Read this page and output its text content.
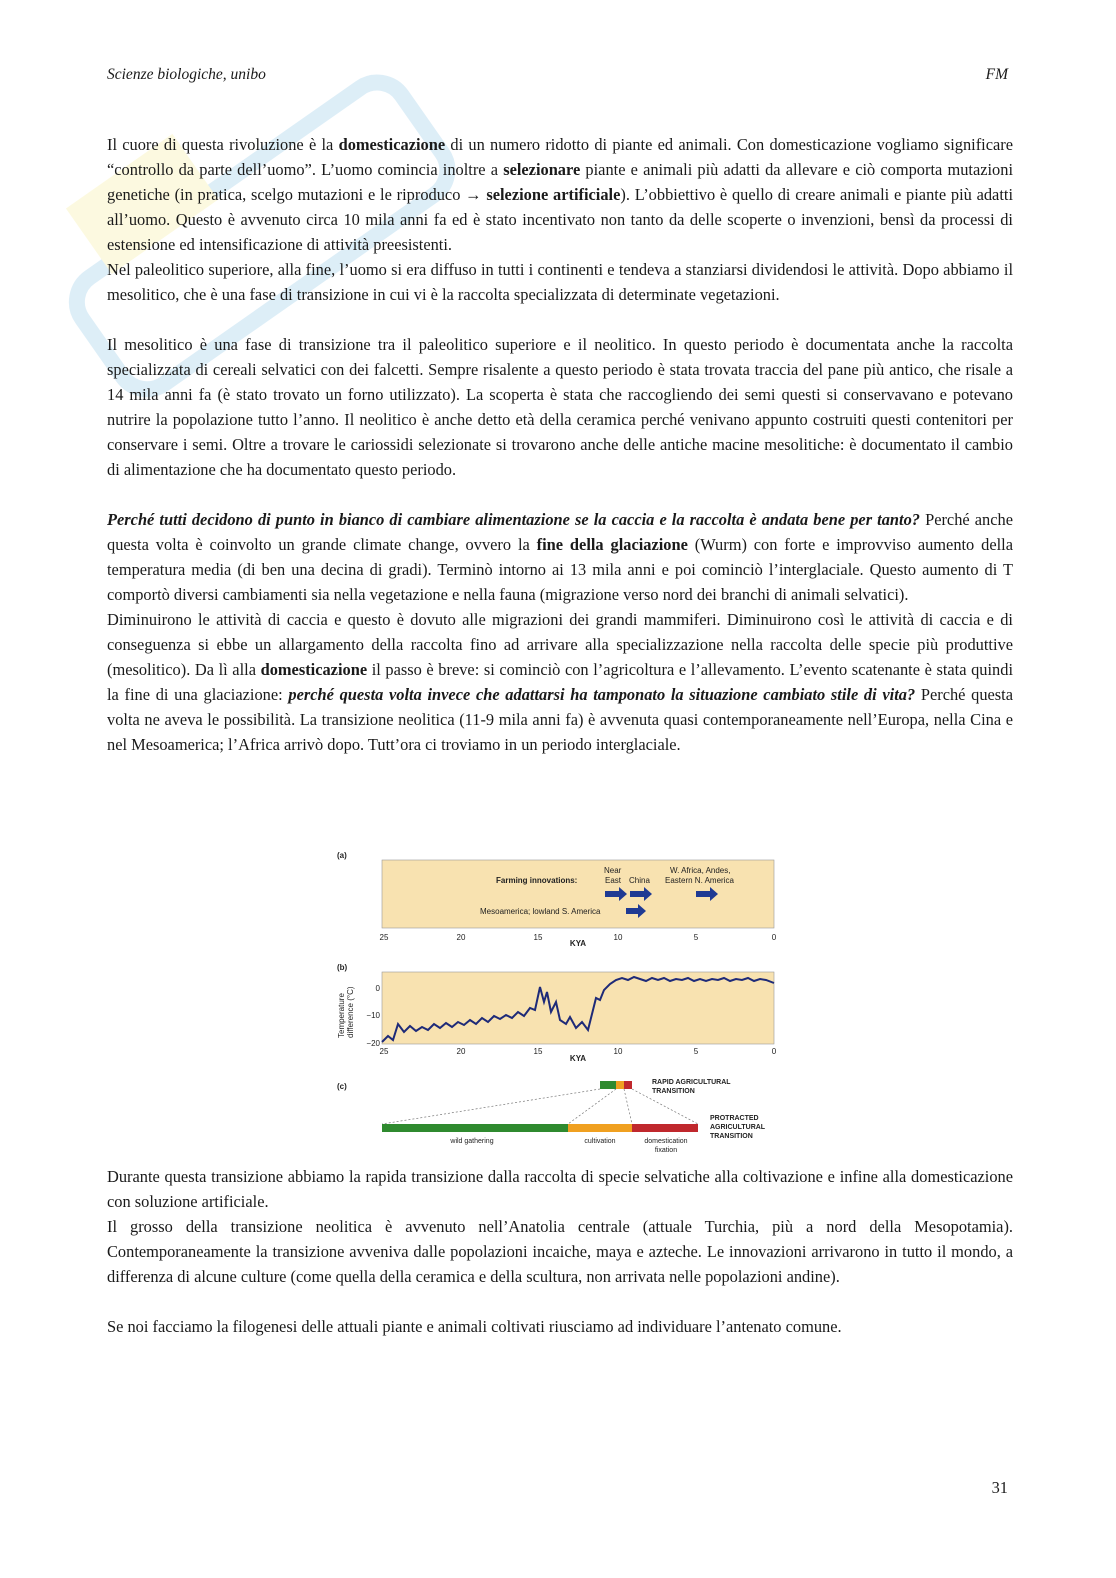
Scienze biologiche, unibo	FM

Il cuore di questa rivoluzione è la domesticazione di un numero ridotto di piante ed animali. Con domesticazione vogliamo significare “controllo da parte dell’uomo”. L’uomo comincia inoltre a selezionare piante e animali più adatti da allevare e ciò comporta mutazioni genetiche (in pratica, scelgo mutazioni e le riproduco → selezione artificiale). L’obbiettivo è quello di creare animali e piante più adatti all’uomo. Questo è avvenuto circa 10 mila anni fa ed è stato incentivato non tanto da delle scoperte o invenzioni, bensì da processi di estensione ed intensificazione di attività preesistenti.

Nel paleolitico superiore, alla fine, l’uomo si era diffuso in tutti i continenti e tendeva a stanziarsi dividendosi le attività. Dopo abbiamo il mesolitico, che è una fase di transizione in cui vi è la raccolta specializzata di determinate vegetazioni.

Il mesolitico è una fase di transizione tra il paleolitico superiore e il neolitico. In questo periodo è documentata anche la raccolta specializzata di cereali selvatici con dei falcetti. Sempre risalente a questo periodo è stata trovata traccia del pane più antico, che risale a 14 mila anni fa (è stato trovato un forno utilizzato). La scoperta è stata che raccogliendo dei semi questi si conservavano e potevano nutrire la popolazione tutto l’anno. Il neolitico è anche detto età della ceramica perché venivano appunto costruiti questi contenitori per conservare i semi. Oltre a trovare le cariossidi selezionate si trovarono anche delle antiche macine mesolitiche: è documentato il cambio di alimentazione che ha documentato questo periodo.

Perché tutti decidono di punto in bianco di cambiare alimentazione se la caccia e la raccolta è andata bene per tanto? Perché anche questa volta è coinvolto un grande climate change, ovvero la fine della glaciazione (Wurm) con forte e improvviso aumento della temperatura media (di ben una decina di gradi). Terminò intorno ai 13 mila anni e poi cominciò l’interglaciale. Questo aumento di T comportò diversi cambiamenti sia nella vegetazione e nella fauna (migrazione verso nord dei branchi di animali selvatici).

Diminuirono le attività di caccia e questo è dovuto alle migrazioni dei grandi mammiferi. Diminuirono così le attività di caccia e di conseguenza si ebbe un allargamento della raccolta fino ad arrivare alla specializzazione nella raccolta delle specie più produttive (mesolitico). Da lì alla domesticazione il passo è breve: si cominciò con l’agricoltura e l’allevamento. L’evento scatenante è stata quindi la fine di una glaciazione: perché questa volta invece che adattarsi ha tamponato la situazione cambiato stile di vita? Perché questa volta ne aveva le possibilità. La transizione neolitica (11-9 mila anni fa) è avvenuta quasi contemporaneamente nell’Europa, nella Cina e nel Mesoamerica; l’Africa arrivò dopo. Tutt’ora ci troviamo in un periodo interglaciale.

(a)
Farming innovations:
Near
East China
W. Africa, Andes,
Eastern N. America
Mesoamerica; lowland S. America
25	20	15	10	5	0
KYA
(b)
Temperature difference (°C)	0
−10
−20
25	20	15	10	5	0
KYA
(c)	RAPID AGRICULTURAL
TRANSITION
PROTRACTED
AGRICULTURAL
TRANSITION
wild gathering	cultivation	domestication
fixation

Durante questa transizione abbiamo la rapida transizione dalla raccolta di specie selvatiche alla coltivazione e infine alla domesticazione con soluzione artificiale.

Il grosso della transizione neolitica è avvenuto nell’Anatolia centrale (attuale Turchia, più a nord della Mesopotamia). Contemporaneamente la transizione avveniva dalle popolazioni incaiche, maya e azteche. Le innovazioni arrivarono in tutto il mondo, a differenza di alcune culture (come quella della ceramica e della scultura, non arrivata nelle popolazioni andine).

Se noi facciamo la filogenesi delle attuali piante e animali coltivati riusciamo ad individuare l’antenato comune.

31
